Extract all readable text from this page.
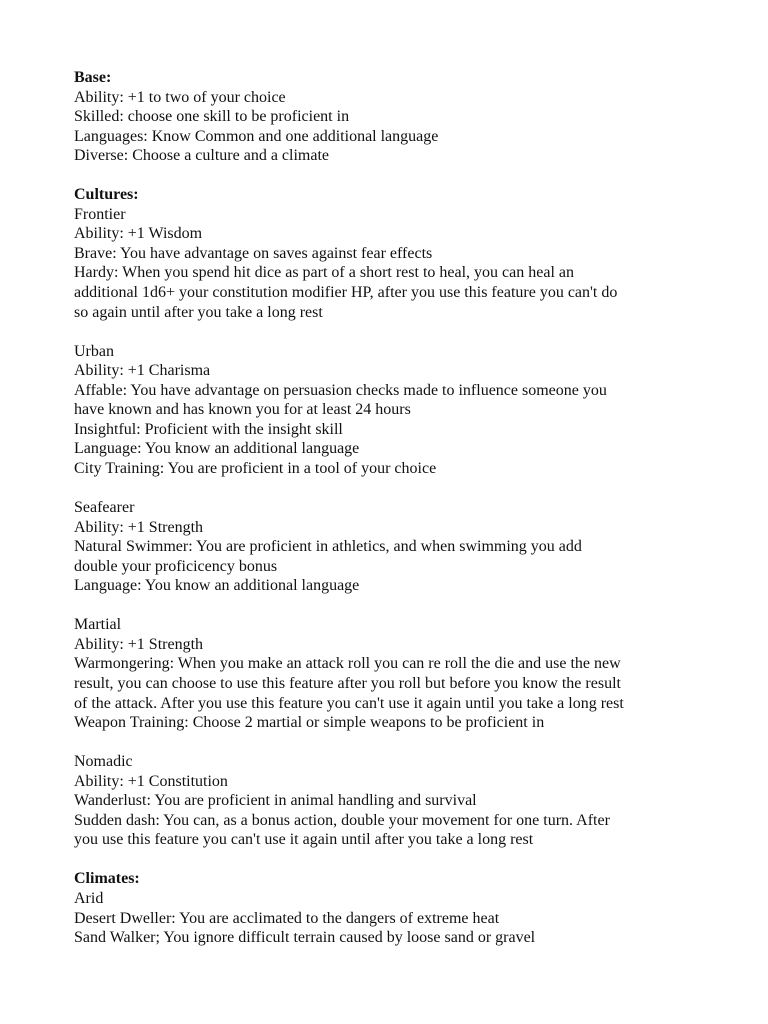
Base:
Ability: +1 to two of your choice
Skilled: choose one skill to be proficient in
Languages: Know Common and one additional language
Diverse: Choose a culture and a climate
Cultures:
Frontier
Ability: +1 Wisdom
Brave: You have advantage on saves against fear effects
Hardy: When you spend hit dice as part of a short rest to heal, you can heal an
additional 1d6+ your constitution modifier HP, after you use this feature you can't do
so again until after you take a long rest
Urban
Ability: +1 Charisma
Affable: You have advantage on persuasion checks made to influence someone you
have known and has known you for at least 24 hours
Insightful: Proficient with the insight skill
Language: You know an additional language
City Training: You are proficient in a tool of your choice
Seafearer
Ability: +1 Strength
Natural Swimmer: You are proficient in athletics, and when swimming you add
double your proficicency bonus
Language: You know an additional language
Martial
Ability: +1 Strength
Warmongering: When you make an attack roll you can re roll the die and use the new
result, you can choose to use this feature after you roll but before you know the result
of the attack. After you use this feature you can't use it again until you take a long rest
Weapon Training: Choose 2 martial or simple weapons to be proficient in
Nomadic
Ability: +1 Constitution
Wanderlust: You are proficient in animal handling and survival
Sudden dash: You can, as a bonus action, double your movement for one turn. After
you use this feature you can't use it again until after you take a long rest
Climates:
Arid
Desert Dweller: You are acclimated to the dangers of extreme heat
Sand Walker; You ignore difficult terrain caused by loose sand or gravel
